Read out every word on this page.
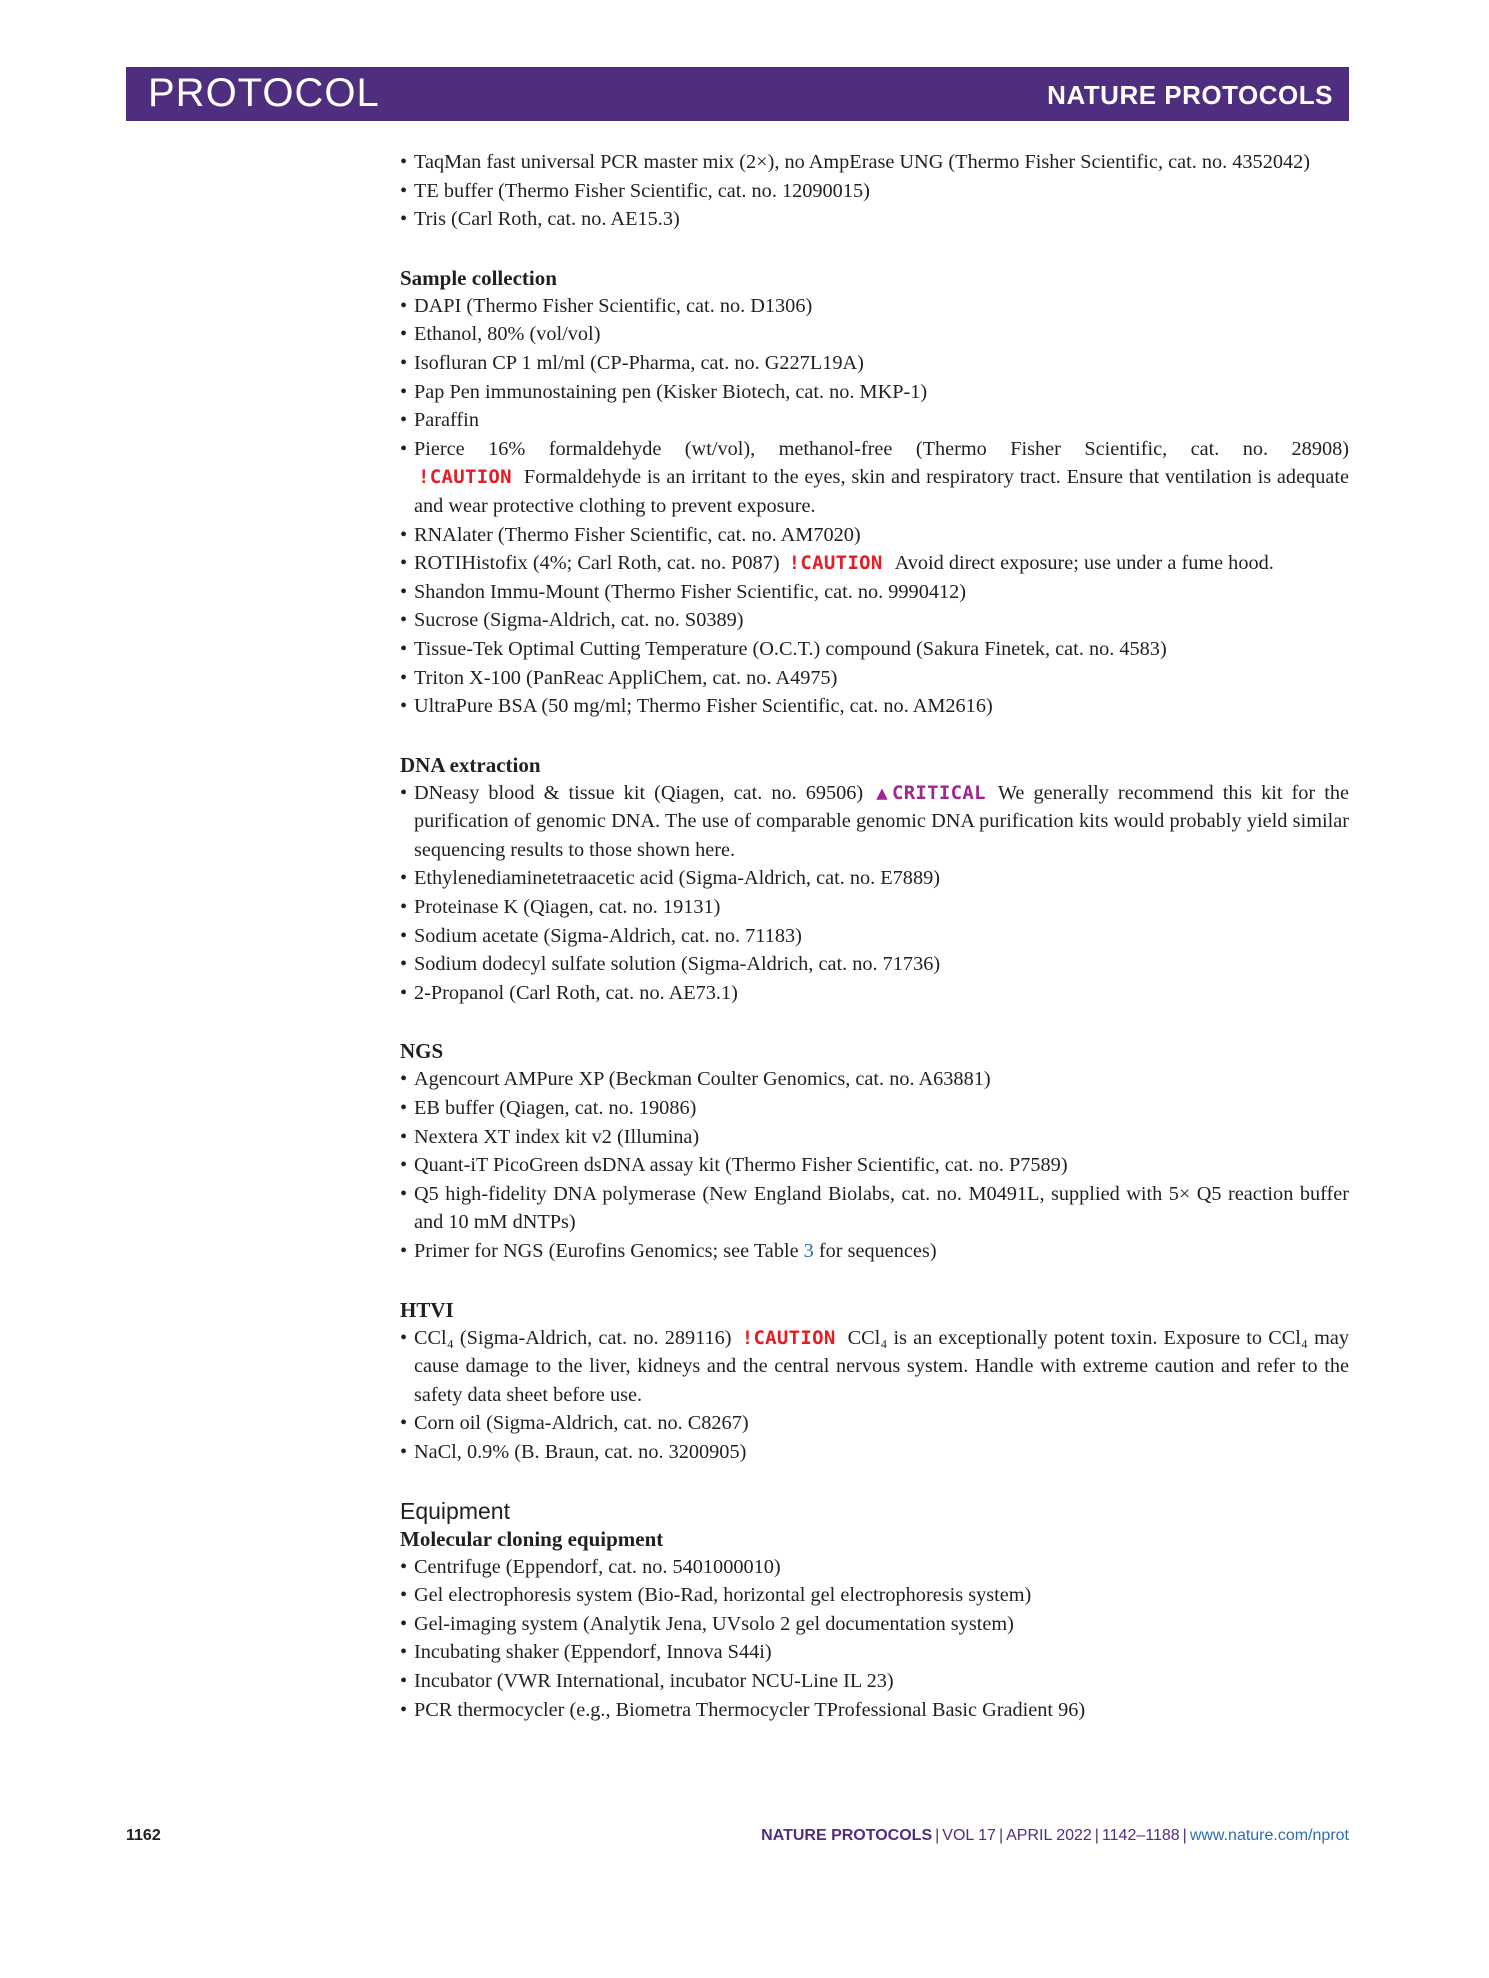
PROTOCOL	NATURE PROTOCOLS
• TaqMan fast universal PCR master mix (2×), no AmpErase UNG (Thermo Fisher Scientific, cat. no. 4352042)
• TE buffer (Thermo Fisher Scientific, cat. no. 12090015)
• Tris (Carl Roth, cat. no. AE15.3)

Sample collection

• DAPI (Thermo Fisher Scientific, cat. no. D1306)
• Ethanol, 80% (vol/vol)
• Isofluran CP 1 ml/ml (CP-Pharma, cat. no. G227L19A)
• Pap Pen immunostaining pen (Kisker Biotech, cat. no. MKP-1)
• Paraffin
• Pierce 16% formaldehyde (wt/vol), methanol-free (Thermo Fisher Scientific, cat. no. 28908) !CAUTION Formaldehyde is an irritant to the eyes, skin and respiratory tract. Ensure that ventilation is adequate and wear protective clothing to prevent exposure.
• RNAlater (Thermo Fisher Scientific, cat. no. AM7020)
• ROTIHistofix (4%; Carl Roth, cat. no. P087) !CAUTION Avoid direct exposure; use under a fume hood.
• Shandon Immu-Mount (Thermo Fisher Scientific, cat. no. 9990412)
• Sucrose (Sigma-Aldrich, cat. no. S0389)
• Tissue-Tek Optimal Cutting Temperature (O.C.T.) compound (Sakura Finetek, cat. no. 4583)
• Triton X-100 (PanReac AppliChem, cat. no. A4975)
• UltraPure BSA (50 mg/ml; Thermo Fisher Scientific, cat. no. AM2616)

DNA extraction

• DNeasy blood & tissue kit (Qiagen, cat. no. 69506) ▲CRITICAL We generally recommend this kit for the purification of genomic DNA. The use of comparable genomic DNA purification kits would probably yield similar sequencing results to those shown here.
• Ethylenediaminetetraacetic acid (Sigma-Aldrich, cat. no. E7889)
• Proteinase K (Qiagen, cat. no. 19131)
• Sodium acetate (Sigma-Aldrich, cat. no. 71183)
• Sodium dodecyl sulfate solution (Sigma-Aldrich, cat. no. 71736)
• 2-Propanol (Carl Roth, cat. no. AE73.1)

NGS

• Agencourt AMPure XP (Beckman Coulter Genomics, cat. no. A63881)
• EB buffer (Qiagen, cat. no. 19086)
• Nextera XT index kit v2 (Illumina)
• Quant-iT PicoGreen dsDNA assay kit (Thermo Fisher Scientific, cat. no. P7589)
• Q5 high-fidelity DNA polymerase (New England Biolabs, cat. no. M0491L, supplied with 5× Q5 reaction buffer and 10 mM dNTPs)
• Primer for NGS (Eurofins Genomics; see Table 3 for sequences)

HTVI

• CCl₄ (Sigma-Aldrich, cat. no. 289116) !CAUTION CCl₄ is an exceptionally potent toxin. Exposure to CCl₄ may cause damage to the liver, kidneys and the central nervous system. Handle with extreme caution and refer to the safety data sheet before use.
• Corn oil (Sigma-Aldrich, cat. no. C8267)
• NaCl, 0.9% (B. Braun, cat. no. 3200905)

Equipment

Molecular cloning equipment

• Centrifuge (Eppendorf, cat. no. 5401000010)
• Gel electrophoresis system (Bio-Rad, horizontal gel electrophoresis system)
• Gel-imaging system (Analytik Jena, UVsolo 2 gel documentation system)
• Incubating shaker (Eppendorf, Innova S44i)
• Incubator (VWR International, incubator NCU-Line IL 23)
• PCR thermocycler (e.g., Biometra Thermocycler TProfessional Basic Gradient 96)
1162	NATURE PROTOCOLS | VOL 17 | APRIL 2022 | 1142–1188 | www.nature.com/nprot
